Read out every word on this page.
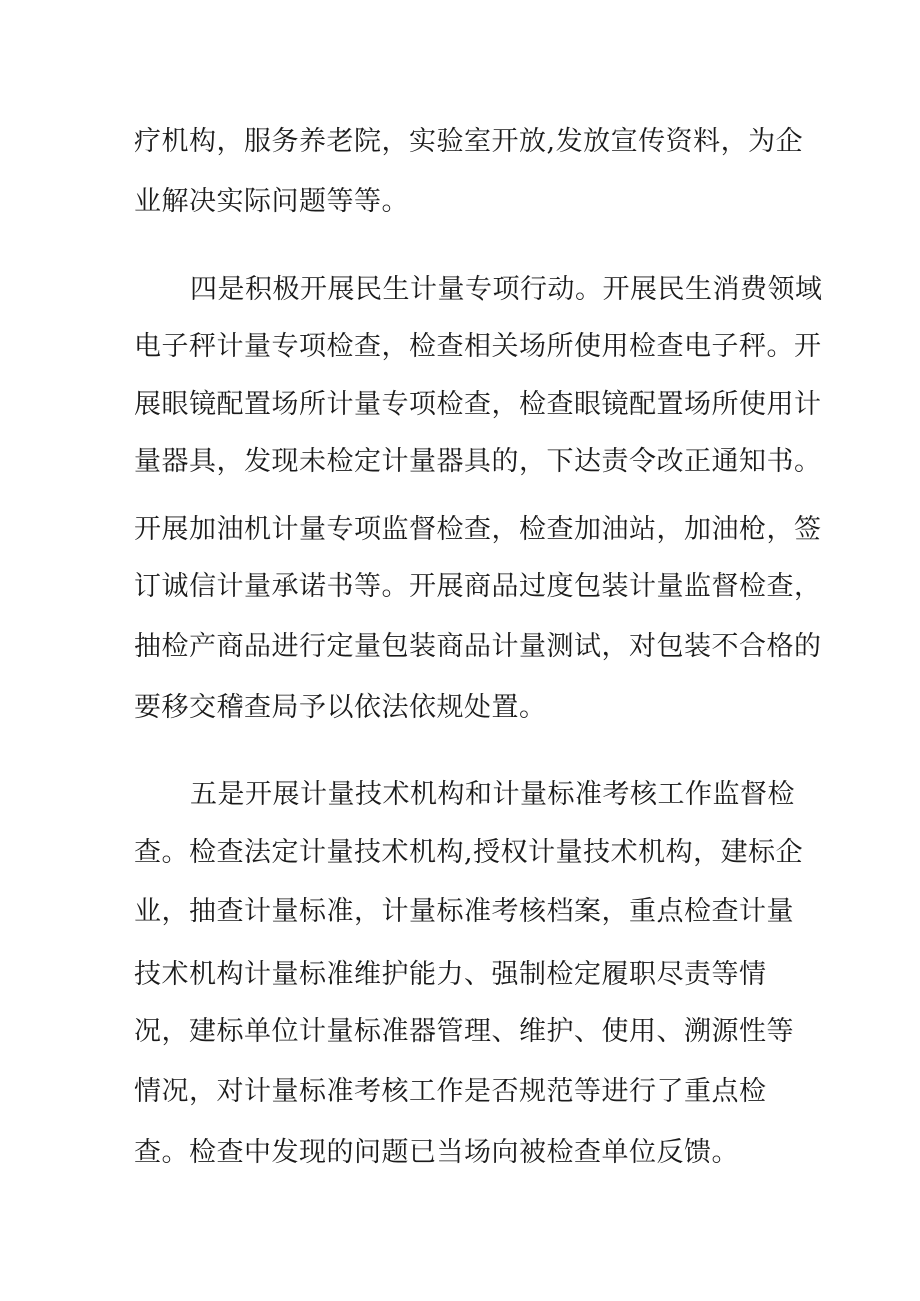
疗机构，服务养老院，实验室开放,发放宣传资料，为企
业解决实际问题等等。
四是积极开展民生计量专项行动。开展民生消费领域
电子秤计量专项检查，检查相关场所使用检查电子秤。开
展眼镜配置场所计量专项检查，检查眼镜配置场所使用计
量器具，发现未检定计量器具的，下达责令改正通知书。
开展加油机计量专项监督检查，检查加油站，加油枪，签
订诚信计量承诺书等。开展商品过度包装计量监督检查，
抽检产商品进行定量包装商品计量测试，对包装不合格的
要移交稽查局予以依法依规处置。
五是开展计量技术机构和计量标准考核工作监督检
查。检查法定计量技术机构,授权计量技术机构，建标企
业，抽查计量标准，计量标准考核档案，重点检查计量
技术机构计量标准维护能力、强制检定履职尽责等情
况，建标单位计量标准器管理、维护、使用、溯源性等
情况，对计量标准考核工作是否规范等进行了重点检
查。检查中发现的问题已当场向被检查单位反馈。
